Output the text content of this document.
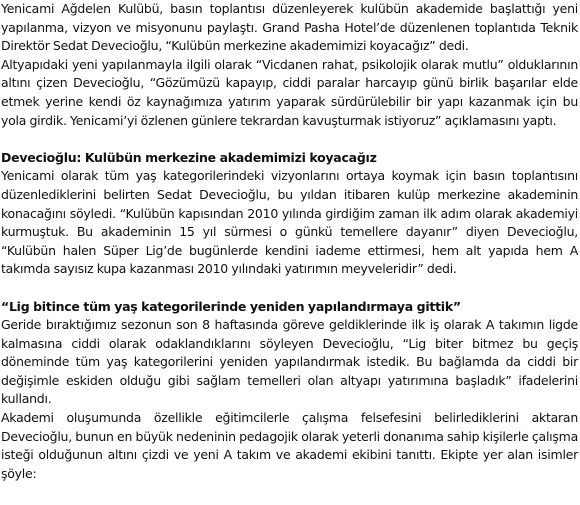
Yenicami Ağdelen Kulübü, basın toplantısı düzenleyerek kulübün akademide başlattığı yeni yapılanma, vizyon ve misyonunu paylaştı. Grand Pasha Hotel’de düzenlenen toplantıda Teknik Direktör Sedat Devecioğlu, “Kulübün merkezine akademimizi koyacağız” dedi.

Altyapıdaki yeni yapılanmayla ilgili olarak “Vicdanen rahat, psikolojik olarak mutlu” olduklarının altını çizen Devecioğlu, “Gözümüzü kapayıp, ciddi paralar harcayıp günü birlik başarılar elde etmek yerine kendi öz kaynağımıza yatırım yaparak sürdürülebilir bir yapı kazanmak için bu yola girdik. Yenicami’yi özlenen günlere tekrardan kavuşturmak istiyoruz” açıklamasını yaptı.

Devecioğlu: Kulübün merkezine akademimizi koyacağız

Yenicami olarak tüm yaş kategorilerindeki vizyonlarını ortaya koymak için basın toplantısını düzenlediklerini belirten Sedat Devecioğlu, bu yıldan itibaren kulüp merkezine akademinin konacağını söyledi. “Kulübün kapısından 2010 yılında girdiğim zaman ilk adım olarak akademiyi kurmuştuk. Bu akademinin 15 yıl sürmesi o günkü temellere dayanır” diyen Devecioğlu, “Kulübün halen Süper Lig’de bugünlerde kendini iademe ettirmesi, hem alt yapıda hem A takımda sayısız kupa kazanması 2010 yılındaki yatırımın meyveleridir” dedi.

“Lig bitince tüm yaş kategorilerinde yeniden yapılandırmaya gittik”

Geride bıraktığımız sezonun son 8 haftasında göreve geldiklerinde ilk iş olarak A takımın ligde kalmasına ciddi olarak odaklandıklarını söyleyen Devecioğlu, “Lig biter bitmez bu geçiş döneminde tüm yaş kategorilerini yeniden yapılandırmak istedik. Bu bağlamda da ciddi bir değişimle eskiden olduğu gibi sağlam temelleri olan altyapı yatırımına başladık” ifadelerini kullandı.

Akademi oluşumunda özellikle eğitimcilerle çalışma felsefesini belirlediklerini aktaran Devecioğlu, bunun en büyük nedeninin pedagojik olarak yeterli donanıma sahip kişilerle çalışma isteği olduğunun altını çizdi ve yeni A takım ve akademi ekibini tanıttı. Ekipte yer alan isimler şöyle:
